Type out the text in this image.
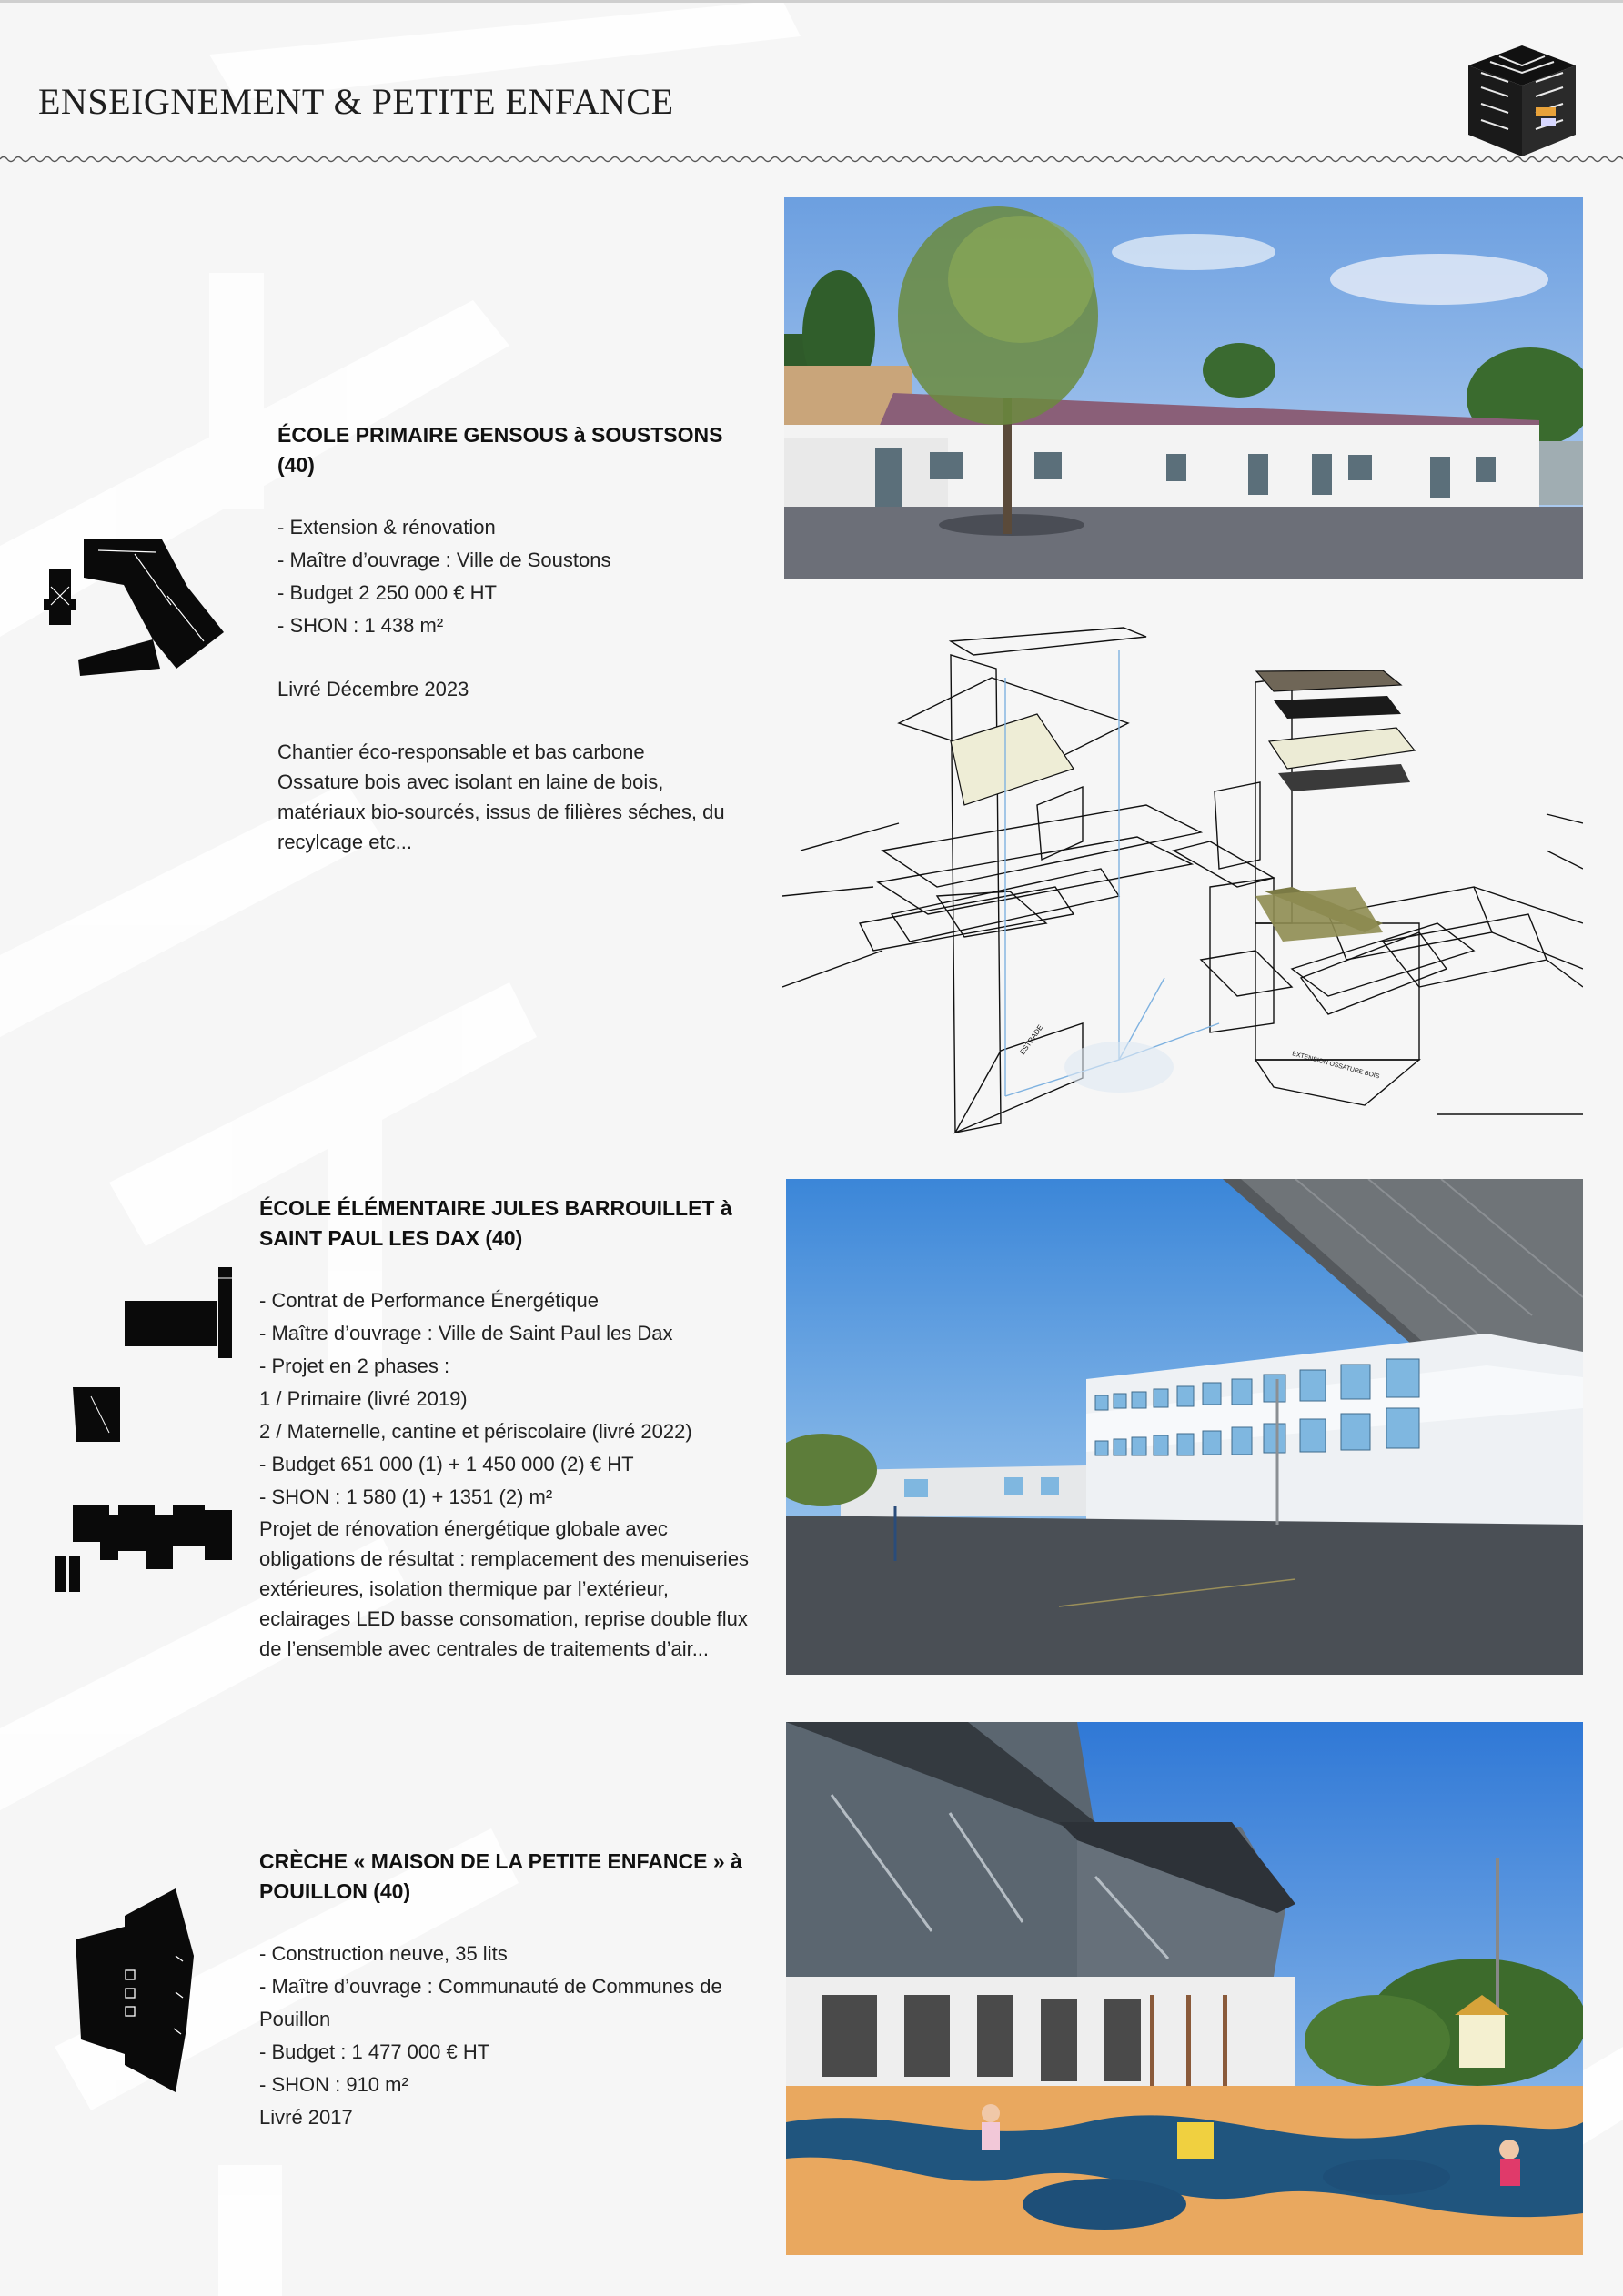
ENSEIGNEMENT & PETITE ENFANCE
ÉCOLE PRIMAIRE GENSOUS à SOUSTSONS (40)
- Extension & rénovation
- Maître d’ouvrage : Ville de Soustons
- Budget 2 250 000 € HT
- SHON : 1 438 m²

Livré Décembre 2023

Chantier éco-responsable et bas carbone

Ossature bois avec isolant en laine de bois, matériaux bio-sourcés, issus de filières séches, du recylcage etc...

ESTRADE
EXTENSION OSSATURE BOIS
ÉCOLE ÉLÉMENTAIRE JULES BARROUILLET à SAINT PAUL LES DAX (40)
- Contrat de Performance Énergétique
- Maître d’ouvrage : Ville de Saint Paul les Dax
- Projet en 2 phases :
1 / Primaire (livré 2019)
2 / Maternelle, cantine et périscolaire (livré 2022)
- Budget 651 000 (1) + 1 450 000 (2) € HT
- SHON : 1 580 (1) + 1351 (2) m²

Projet de rénovation énergétique globale avec obligations de résultat : remplacement des menuiseries extérieures, isolation thermique par l’extérieur, eclairages LED basse consomation, reprise double flux de l’ensemble avec centrales de traitements d’air...

CRÈCHE « MAISON DE LA PETITE ENFANCE » à POUILLON (40)
- Construction neuve, 35 lits
- Maître d’ouvrage : Communauté de Communes de Pouillon
- Budget : 1 477 000 € HT
- SHON : 910 m²
Livré 2017
